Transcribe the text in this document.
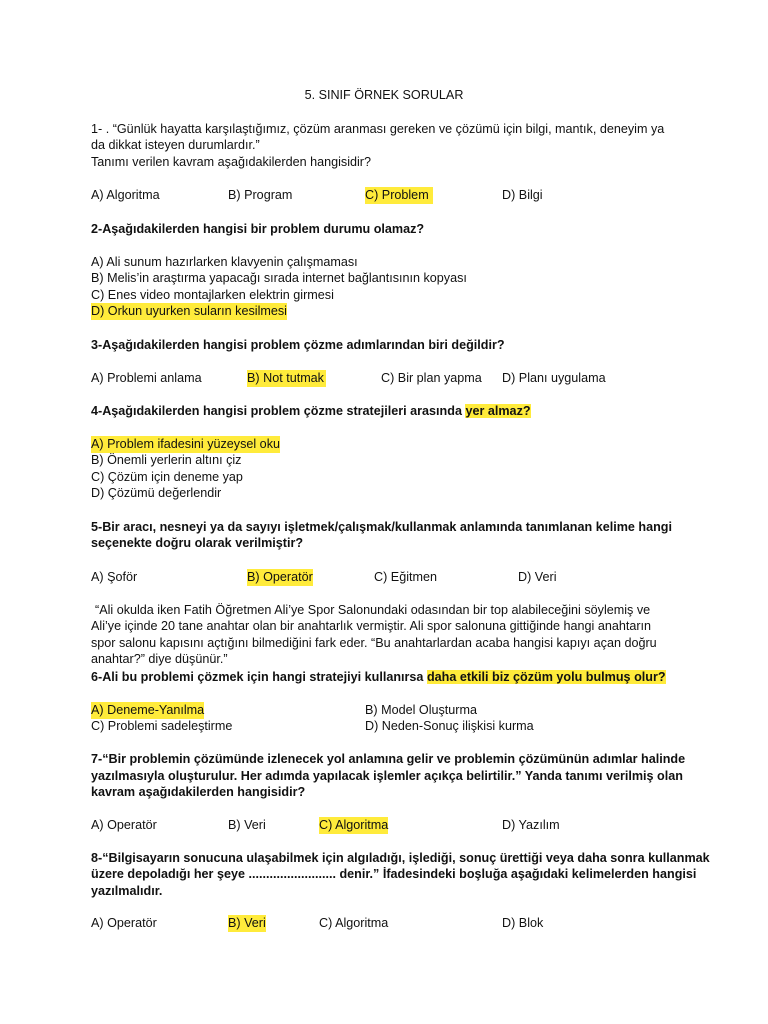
5. SINIF ÖRNEK SORULAR
1- . “Günlük hayatta karşılaştığımız, çözüm aranması gereken ve çözümü için bilgi, mantık, deneyim ya
da dikkat isteyen durumlardır.”
Tanımı verilen kavram aşağıdakilerden hangisidir?
A) Algoritma	B) Program	C) Problem	D) Bilgi
2-Aşağıdakilerden hangisi bir problem durumu olamaz?
A) Ali sunum hazırlarken klavyenin çalışmaması
B) Melis’in araştırma yapacağı sırada internet bağlantısının kopyası
C) Enes video montajlarken elektrin girmesi
D) Orkun uyurken suların kesilmesi
3-Aşağıdakilerden hangisi problem çözme adımlarından biri değildir?
A) Problemi anlama	B) Not tutmak	C) Bir plan yapma D) Planı uygulama
4-Aşağıdakilerden hangisi problem çözme stratejileri arasında yer almaz?
A) Problem ifadesini yüzeysel oku
B) Önemli yerlerin altını çiz
C) Çözüm için deneme yap
D) Çözümü değerlendir
5-Bir aracı, nesneyi ya da sayıyı işletmek/çalışmak/kullanmak anlamında tanımlanan kelime hangi
seçenekte doğru olarak verilmiştir?
A) Şoför	B) Operatör	C) Eğitmen	D) Veri
“Ali okulda iken Fatih Öğretmen Ali’ye Spor Salonundaki odasından bir top alabileceğini söylemiş ve
Ali’ye içinde 20 tane anahtar olan bir anahtarlık vermiştir. Ali spor salonuna gittiğinde hangi anahtarın
spor salonu kapısını açtığını bilmediğini fark eder. “Bu anahtarlardan acaba hangisi kapıyı açan doğru
anahtar?” diye düşünür.”
6-Ali bu problemi çözmek için hangi stratejiyi kullanırsa daha etkili biz çözüm yolu bulmuş olur?
A) Deneme-Yanılma	B) Model Oluşturma
C) Problemi sadeleştirme	D) Neden-Sonuç ilişkisi kurma
7-“Bir problemin çözümünde izlenecek yol anlamına gelir ve problemin çözümünün adımlar halinde
yazılmasıyla oluşturulur. Her adımda yapılacak işlemler açıkça belirtilir.” Yanda tanımı verilmiş olan
kavram aşağıdakilerden hangisidir?
A) Operatör	B) Veri	C) Algoritma	D) Yazılım
8-“Bilgisayarın sonucuna ulaşabilmek için algıladığı, işlediği, sonuç ürettiği veya daha sonra kullanmak
üzere depoladığı her şeye ......................... denir.” İfadesindeki boşluğa aşağıdaki kelimelerden hangisi
yazılmalıdır.
A) Operatör	B) Veri	C) Algoritma	D) Blok
